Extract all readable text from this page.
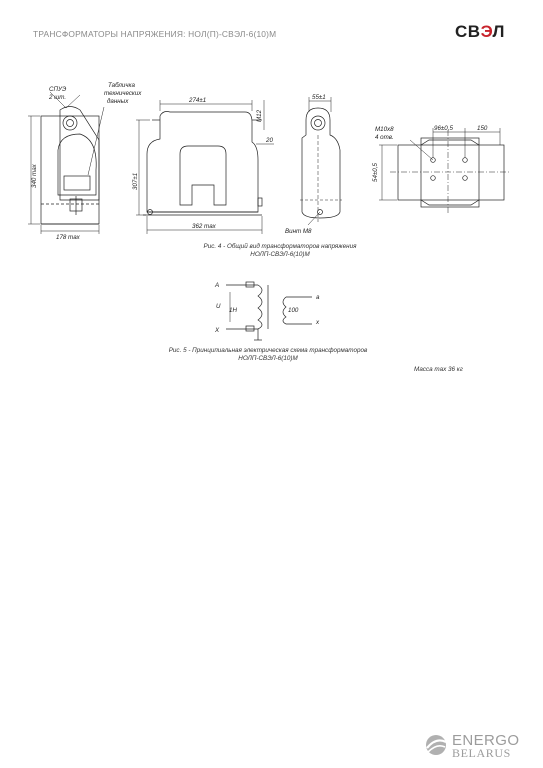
ТРАНСФОРМАТОРЫ НАПРЯЖЕНИЯ: НОЛ(П)-СВЭЛ-6(10)М	СВЭЛ
СПУЭ
2 шт.
Табличка
технических
данных
340 max
178 max
274±1
М12
20
307±1
362 max
Винт М8
55±1
М10х8
4 отв.
96±0,5	150
54±0,5
А
Х
U
1Н	100
а
х
Рис. 4 - Общий вид трансформаторов напряжения
НОЛП-СВЭЛ-6(10)М
Рис. 5 - Принципиальная электрическая схема трансформаторов
НОЛП-СВЭЛ-6(10)М
Масса max 36 кг
ENERGO
BELARUS
